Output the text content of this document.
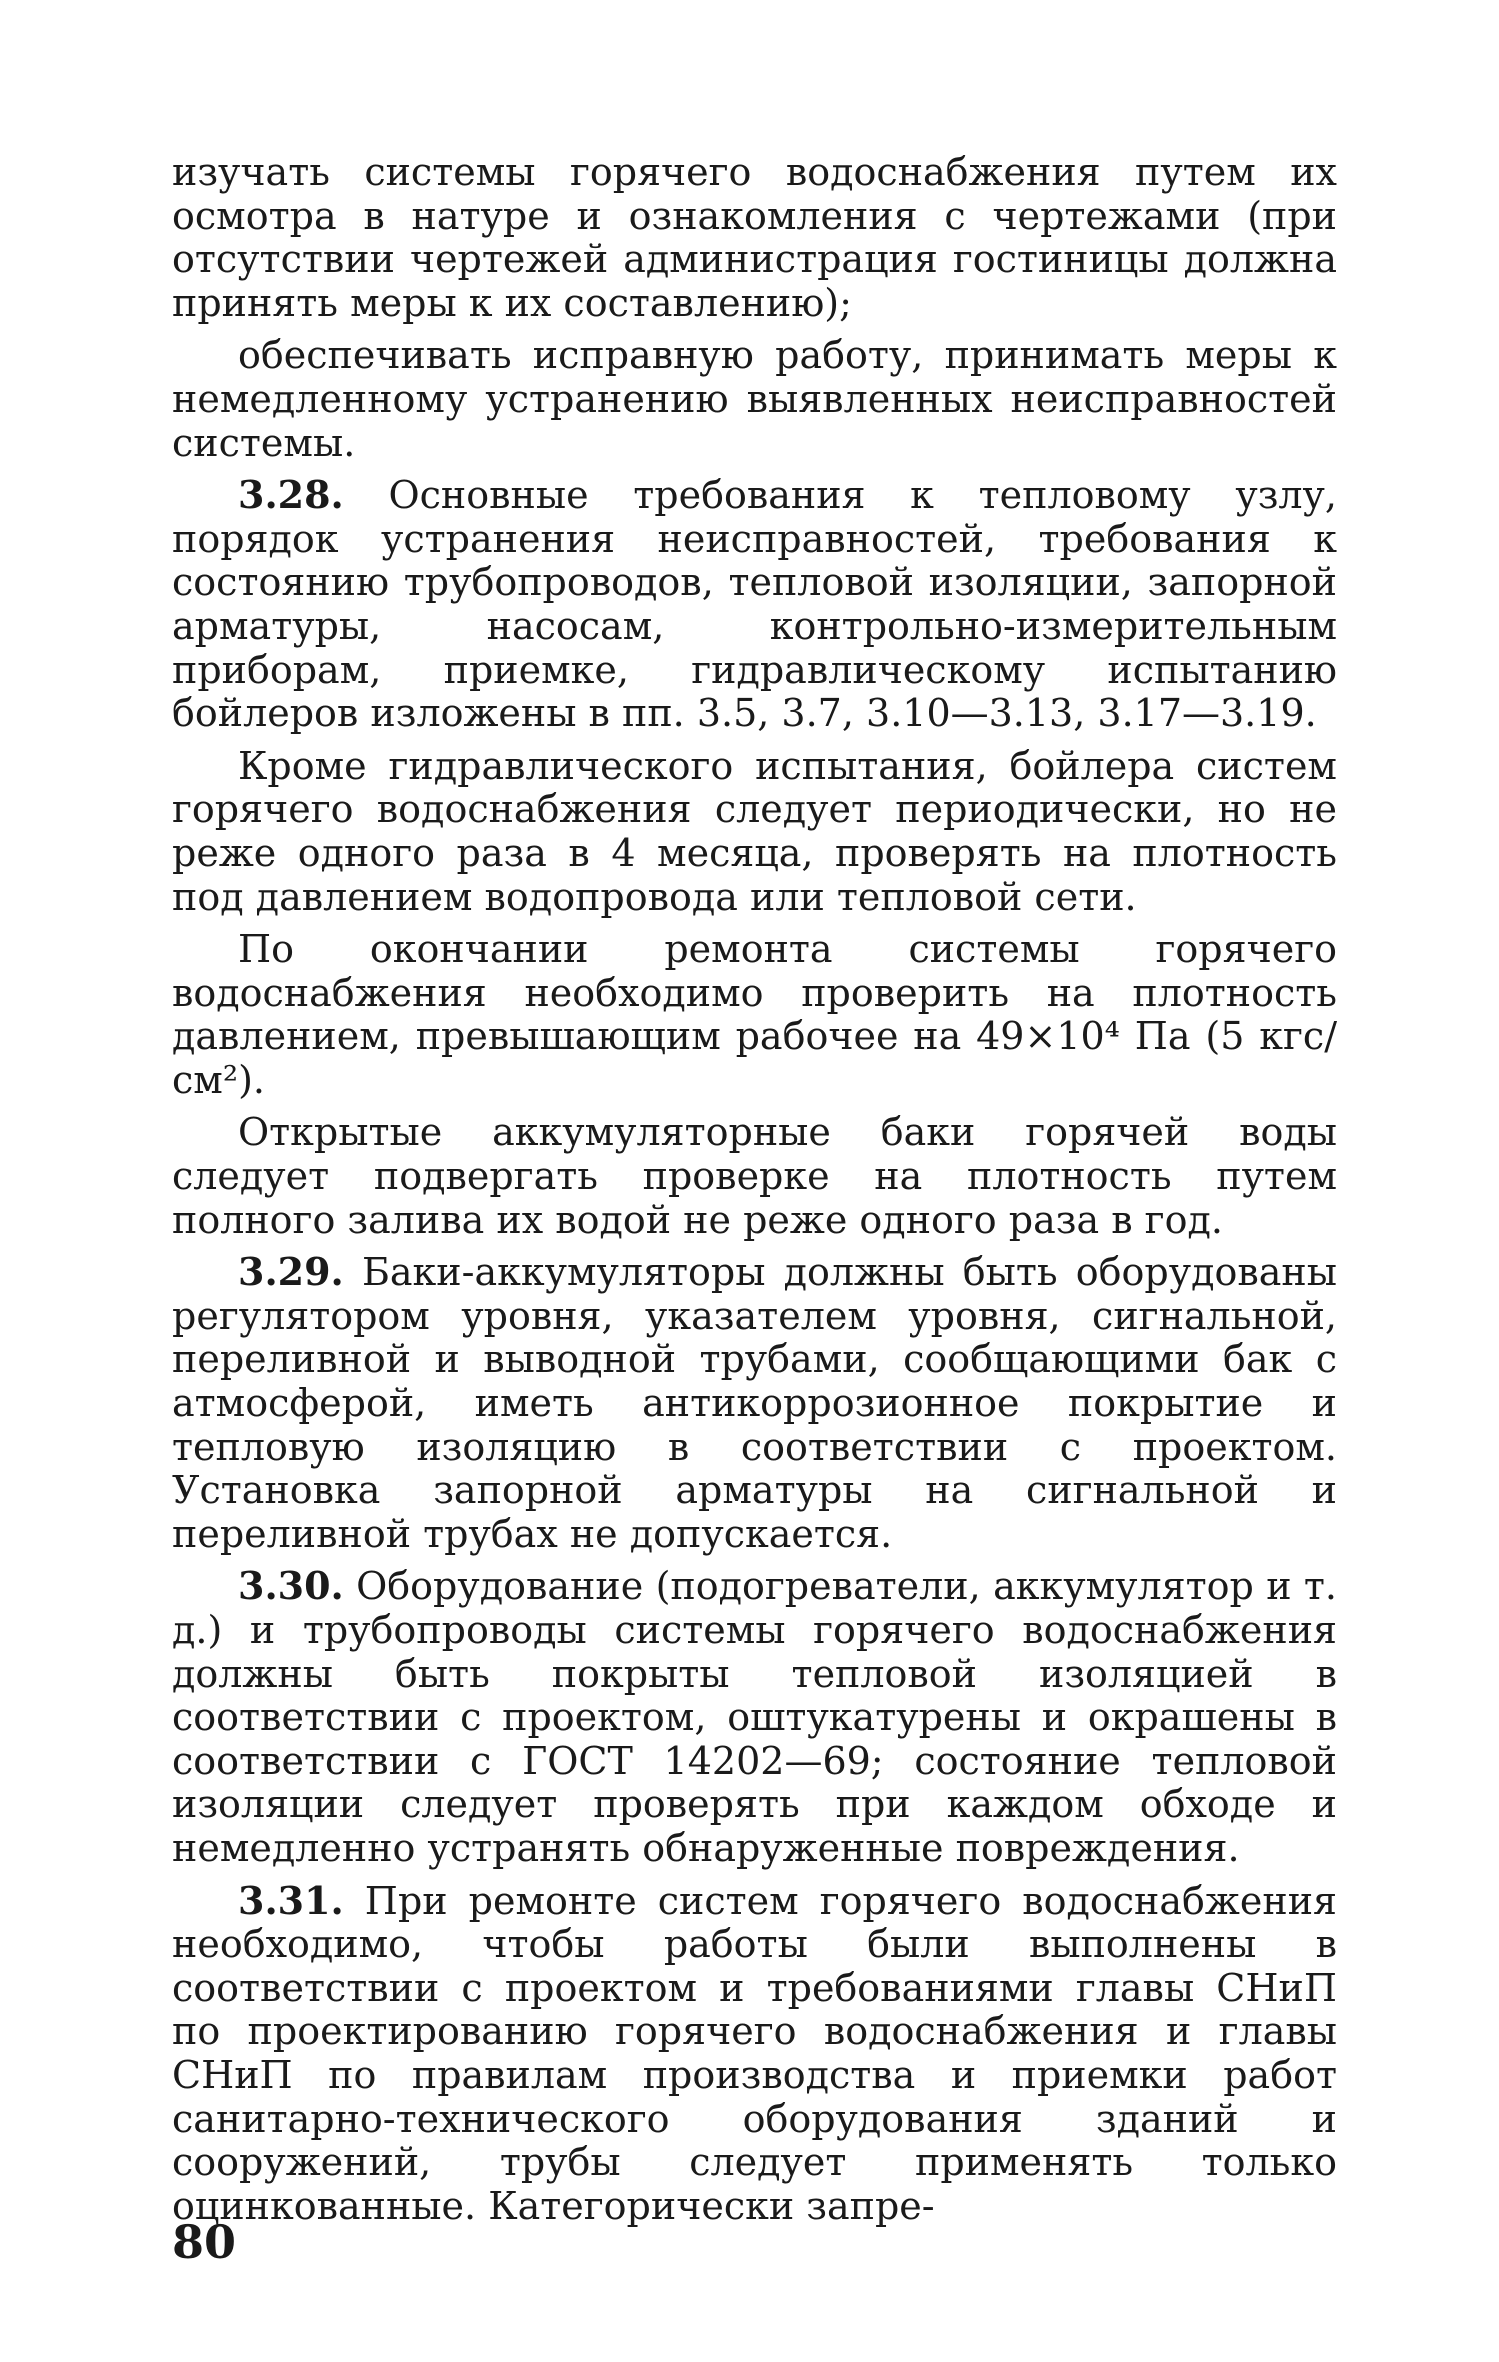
изучать системы горячего водоснабжения путем их осмотра в натуре и ознакомления с чертежами (при отсутствии чертежей администрация гостиницы должна принять меры к их составлению);

обеспечивать исправную работу, принимать меры к немедленному устранению выявленных неисправностей системы.

3.28. Основные требования к тепловому узлу, порядок устранения неисправностей, требования к состоянию трубопроводов, тепловой изоляции, запорной арматуры, насосам, контрольно-измерительным приборам, приемке, гидравлическому испытанию бойлеров изложены в пп. 3.5, 3.7, 3.10—3.13, 3.17—3.19.

Кроме гидравлического испытания, бойлера систем горячего водоснабжения следует периодически, но не реже одного раза в 4 месяца, проверять на плотность под давлением водопровода или тепловой сети.

По окончании ремонта системы горячего водоснабжения необходимо проверить на плотность давлением, превышающим рабочее на 49×10⁴ Па (5 кгс/см²).

Открытые аккумуляторные баки горячей воды следует подвергать проверке на плотность путем полного залива их водой не реже одного раза в год.

3.29. Баки-аккумуляторы должны быть оборудованы регулятором уровня, указателем уровня, сигнальной, переливной и выводной трубами, сообщающими бак с атмосферой, иметь антикоррозионное покрытие и тепловую изоляцию в соответствии с проектом. Установка запорной арматуры на сигнальной и переливной трубах не допускается.

3.30. Оборудование (подогреватели, аккумулятор и т. д.) и трубопроводы системы горячего водоснабжения должны быть покрыты тепловой изоляцией в соответствии с проектом, оштукатурены и окрашены в соответствии с ГОСТ 14202—69; состояние тепловой изоляции следует проверять при каждом обходе и немедленно устранять обнаруженные повреждения.

3.31. При ремонте систем горячего водоснабжения необходимо, чтобы работы были выполнены в соответствии с проектом и требованиями главы СНиП по проектированию горячего водоснабжения и главы СНиП по правилам производства и приемки работ санитарно-технического оборудования зданий и сооружений, трубы следует применять только оцинкованные. Категорически запре-

80
